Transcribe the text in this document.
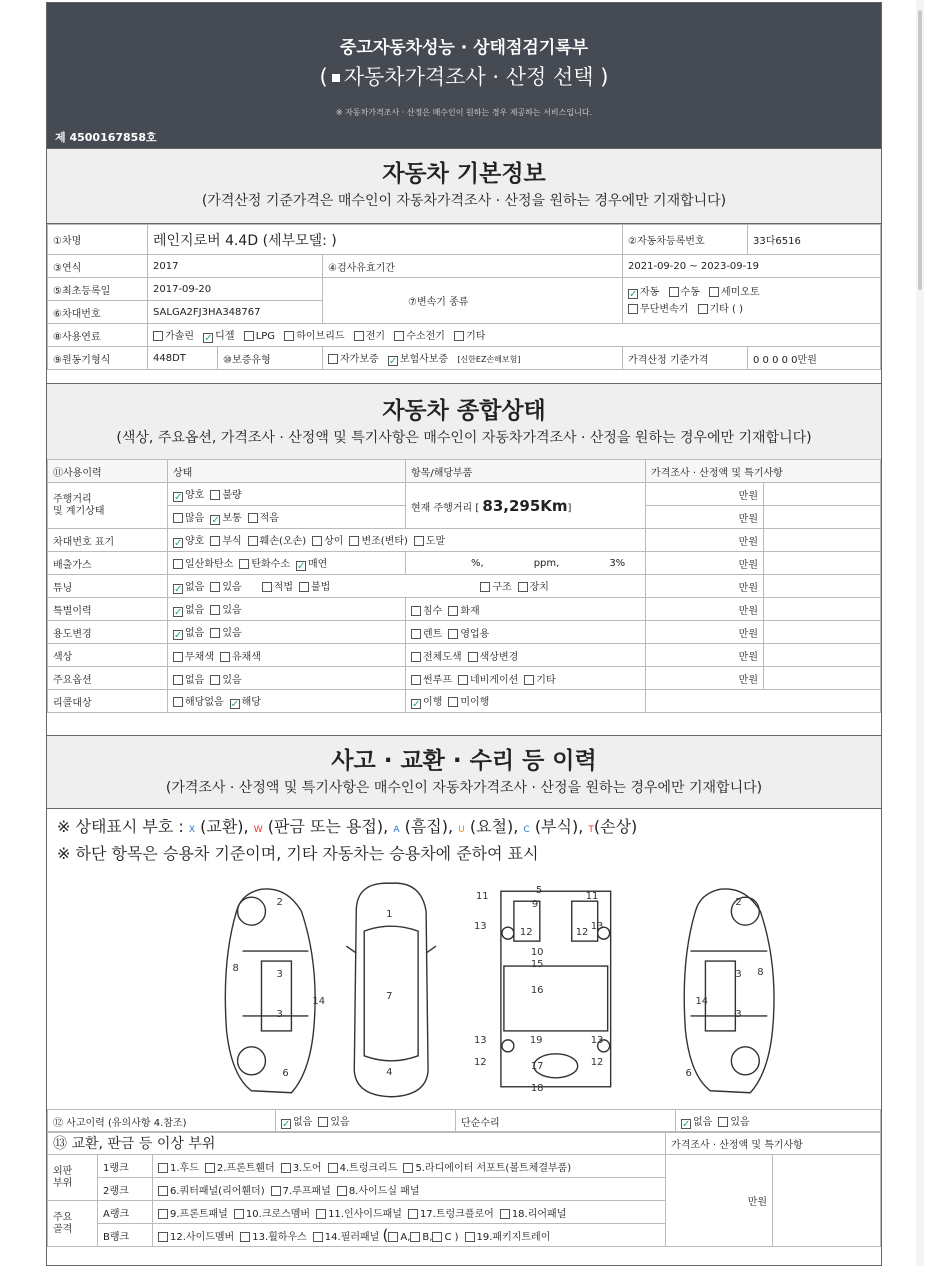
중고자동차성능 · 상태점검기록부
( 자동차가격조사 · 산정 선택 )
※ 자동차가격조사 · 산정은 매수인이 원하는 경우 제공하는 서비스입니다.
제 4500167858호
자동차 기본정보
(가격산정 기준가격은 매수인이 자동차가격조사 · 산정을 원하는 경우에만 기재합니다)
①차명	레인지로버 4.4D (세부모델: )			②자동차등록번호	33다6516
③연식	2017		④검사유효기간	2021-09-20 ~ 2023-09-19	
⑤최초등록일	2017-09-20		⑦변속기 종류	✓ 자동 수동 세미오토
무단변속기 기타 ( )	
⑥차대번호	SALGA2FJ3HA348767				
⑧사용연료	가솔린 ✓ 디젤 LPG 하이브리드 전기 수소전기 기타				
⑨원동기형식	448DT	⑩보증유형	자가보증 ✓ 보험사보증 [신한EZ손해보험]	가격산정 기준가격	0 0 0 0 0만원
자동차 종합상태
(색상, 주요옵션, 가격조사 · 산정액 및 특기사항은 매수인이 자동차가격조사 · 산정을 원하는 경우에만 기재합니다)
⑪사용이력	상태	항목/해당부품	가격조사 · 산정액 및 특기사항	
주행거리
및 계기상태	✓ 양호 불량	현재 주행거리 [ 83,295Km]	만원	
	많음 ✓ 보통 적음		만원	
차대번호 표기	✓ 양호 부식 훼손(오손) 상이 변조(변타) 도말		만원	
배출가스	일산화탄소 탄화수소 ✓ 매연	%, ppm, 3%	만원	
튜닝	✓ 없음 있음 적법 불법 구조 장치		만원	
특별이력	✓ 없음 있음	침수 화재	만원	
용도변경	✓ 없음 있음	렌트 영업용	만원	
색상	무채색 유채색	전체도색 색상변경	만원	
주요옵션	없음 있음	썬루프 네비게이션 기타	만원	
리콜대상	해당없음 ✓ 해당	✓ 이행 미이행		
사고 · 교환 · 수리 등 이력
(가격조사 · 산정액 및 특기사항은 매수인이 자동차가격조사 · 산정을 원하는 경우에만 기재합니다)
※ 상태표시 부호 : X (교환), W (판금 또는 용접), A (흠집), U (요철), C (부식), T(손상)
※ 하단 항목은 승용차 기준이며, 기타 자동차는 승용차에 준하여 표시
2
8
3
14
3
6
1
7
4
5
9
11	11
13	13
12	12
10
15
16
13	13
19
12	12
17
18
2
3 8
14
3
6
⑫ 사고이력 (유의사항 4.참조)	✓ 없음 있음	단순수리	✓ 없음 있음
⑬ 교환, 판금 등 이상 부위			가격조사 · 산정액 및 특기사항	
외판
부위	1랭크	1.후드 2.프론트휀더 3.도어 4.트렁크리드 5.라디에이터 서포트(볼트체결부품)	만원	
	2랭크	6.쿼터패널(리어휀더) 7.루프패널 8.사이드실 패널		
주요
골격	A랭크	9.프론트패널 10.크로스멤버 11.인사이드패널 17.트렁크플로어 18.리어패널		
	B랭크	12.사이드멤버 13.휠하우스 14.필러패널 ( A, B, C ) 19.패키지트레이		
